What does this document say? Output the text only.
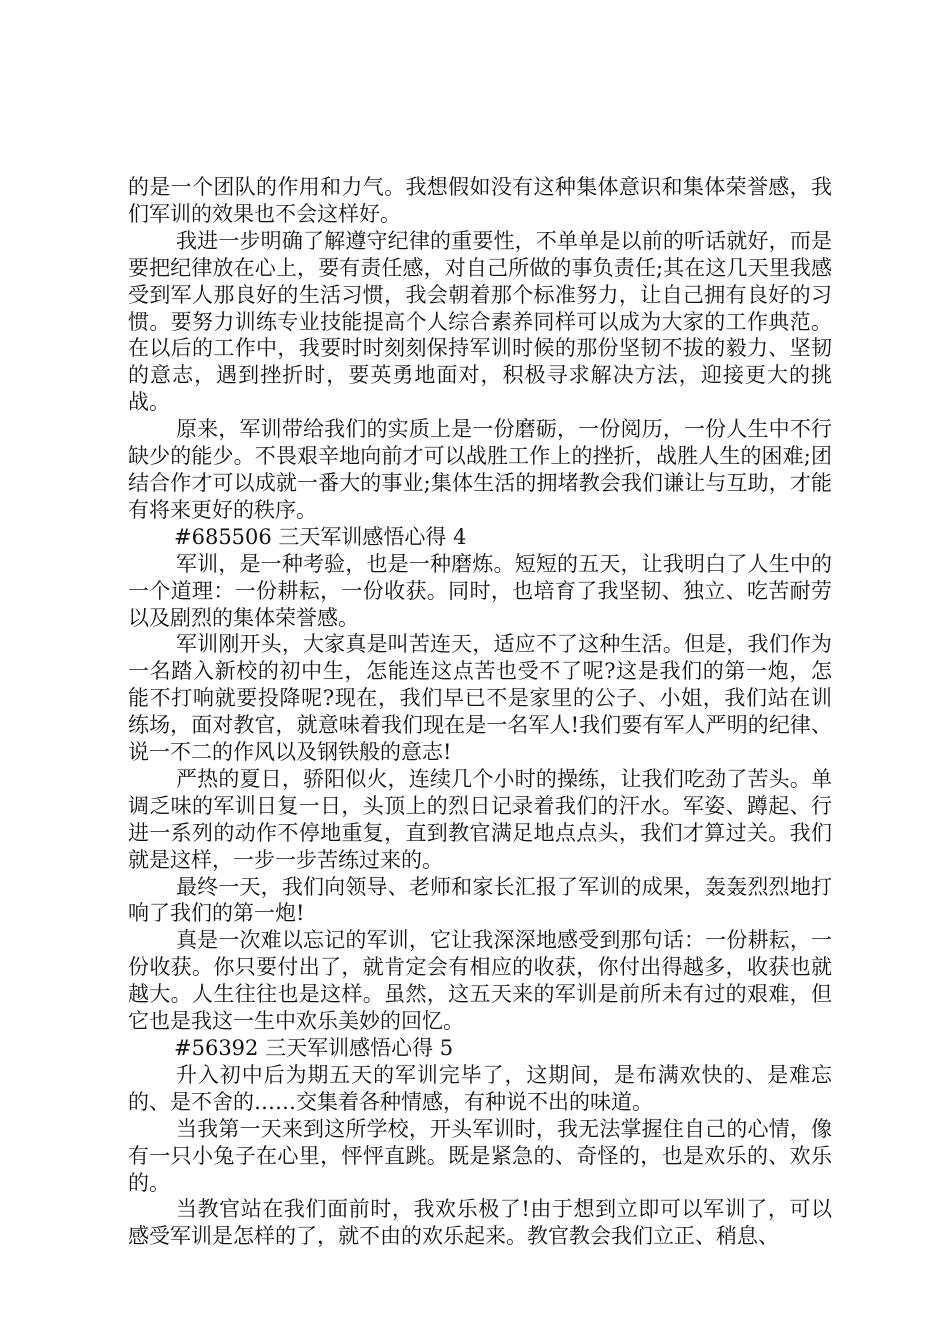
的是一个团队的作用和力气。我想假如没有这种集体意识和集体荣誉感，我们军训的效果也不会这样好。

我进一步明确了解遵守纪律的重要性，不单单是以前的听话就好，而是要把纪律放在心上，要有责任感，对自己所做的事负责任;其在这几天里我感受到军人那良好的生活习惯，我会朝着那个标准努力，让自己拥有良好的习惯。要努力训练专业技能提高个人综合素养同样可以成为大家的工作典范。在以后的工作中，我要时时刻刻保持军训时候的那份坚韧不拔的毅力、坚韧的意志，遇到挫折时，要英勇地面对，积极寻求解决方法，迎接更大的挑战。

原来，军训带给我们的实质上是一份磨砺，一份阅历，一份人生中不行缺少的能少。不畏艰辛地向前才可以战胜工作上的挫折，战胜人生的困难;团结合作才可以成就一番大的事业;集体生活的拥堵教会我们谦让与互助，才能有将来更好的秩序。

#685506 三天军训感悟心得 4

军训，是一种考验，也是一种磨炼。短短的五天，让我明白了人生中的一个道理：一份耕耘，一份收获。同时，也培育了我坚韧、独立、吃苦耐劳以及剧烈的集体荣誉感。

军训刚开头，大家真是叫苦连天，适应不了这种生活。但是，我们作为一名踏入新校的初中生，怎能连这点苦也受不了呢?这是我们的第一炮，怎能不打响就要投降呢?现在，我们早已不是家里的公子、小姐，我们站在训练场，面对教官，就意味着我们现在是一名军人!我们要有军人严明的纪律、说一不二的作风以及钢铁般的意志!

严热的夏日，骄阳似火，连续几个小时的操练，让我们吃劲了苦头。单调乏味的军训日复一日，头顶上的烈日记录着我们的汗水。军姿、蹲起、行进一系列的动作不停地重复，直到教官满足地点点头，我们才算过关。我们就是这样，一步一步苦练过来的。

最终一天，我们向领导、老师和家长汇报了军训的成果，轰轰烈烈地打响了我们的第一炮!

真是一次难以忘记的军训，它让我深深地感受到那句话：一份耕耘，一份收获。你只要付出了，就肯定会有相应的收获，你付出得越多，收获也就越大。人生往往也是这样。虽然，这五天来的军训是前所未有过的艰难，但它也是我这一生中欢乐美妙的回忆。

#56392 三天军训感悟心得 5

升入初中后为期五天的军训完毕了，这期间，是布满欢快的、是难忘的、是不舍的……交集着各种情感，有种说不出的味道。

当我第一天来到这所学校，开头军训时，我无法掌握住自己的心情，像有一只小兔子在心里，怦怦直跳。既是紧急的、奇怪的，也是欢乐的、欢乐的。

当教官站在我们面前时，我欢乐极了!由于想到立即可以军训了，可以感受军训是怎样的了，就不由的欢乐起来。教官教会我们立正、稍息、
